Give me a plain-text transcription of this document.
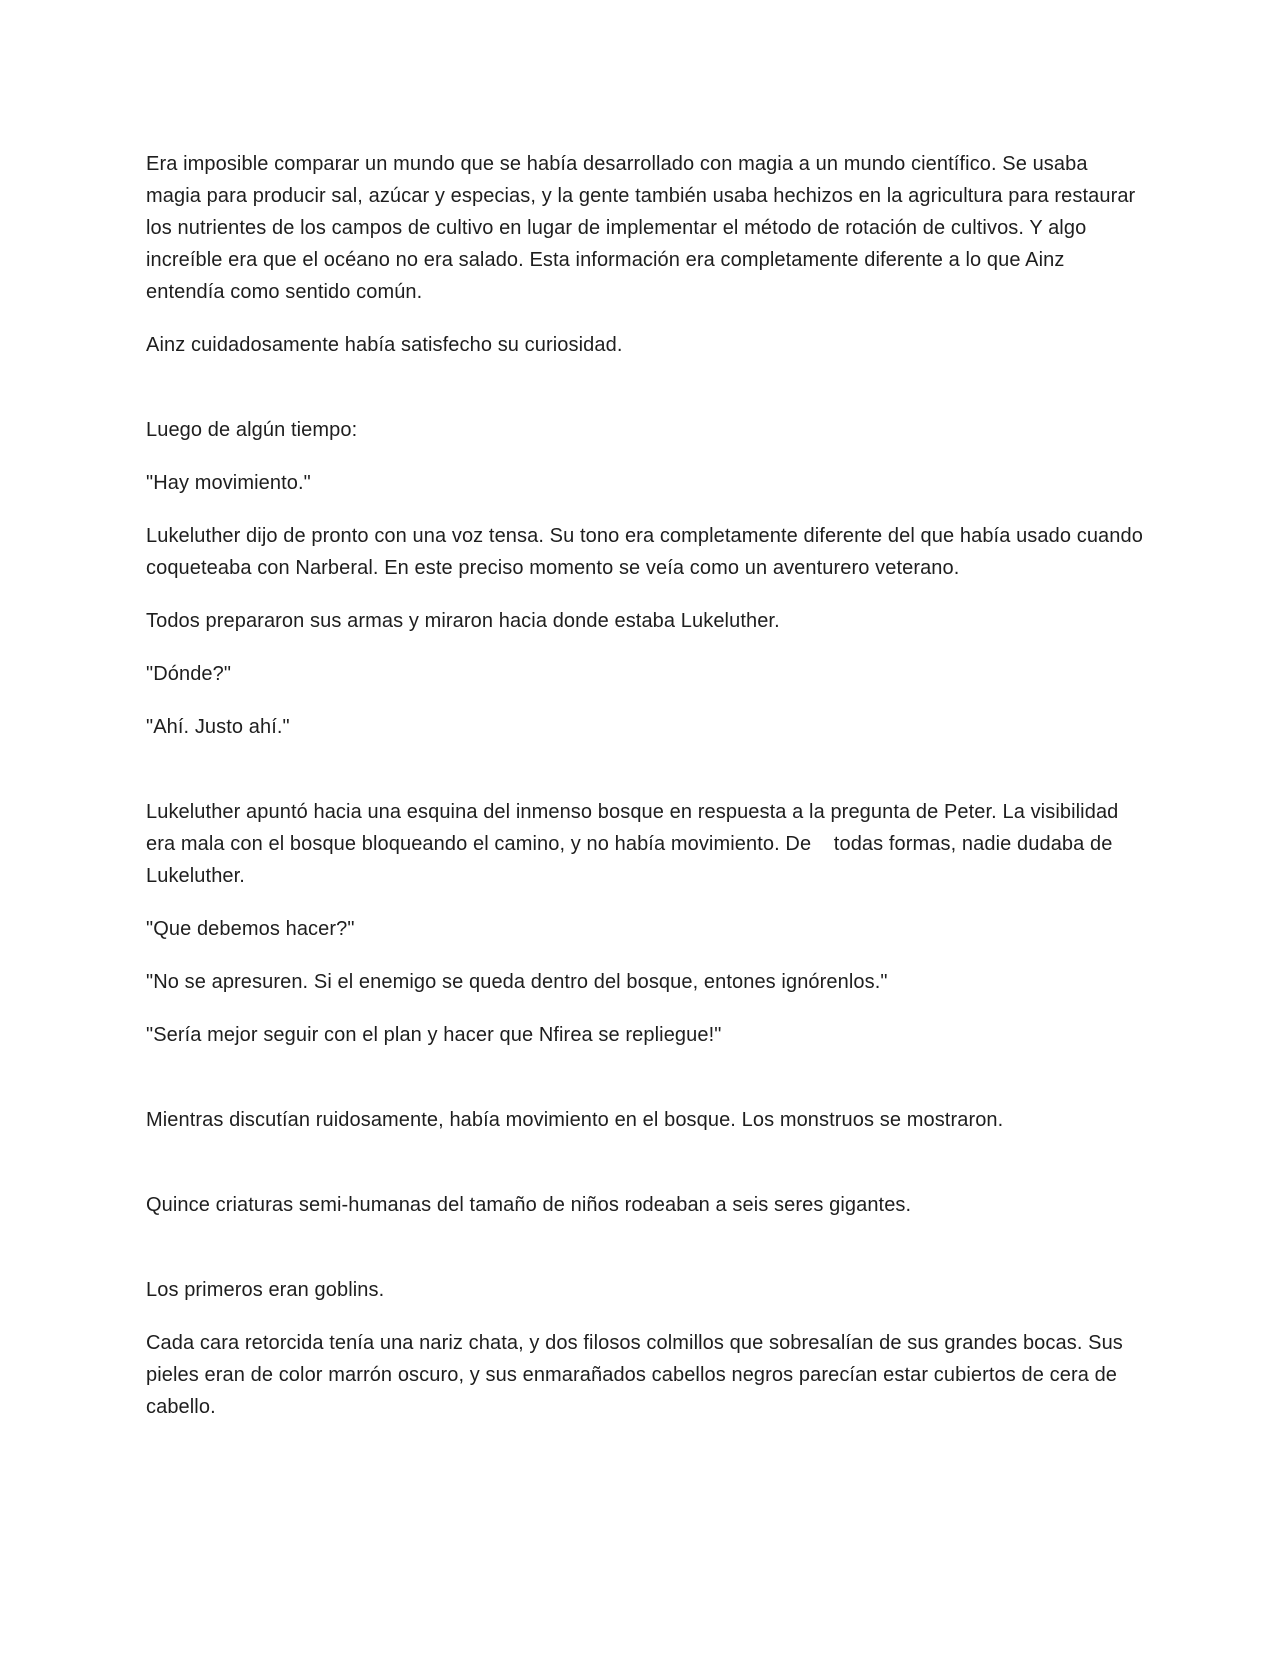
Era imposible comparar un mundo que se había desarrollado con magia a un mundo científico. Se usaba magia para producir sal, azúcar y especias, y la gente también usaba hechizos en la agricultura para restaurar los nutrientes de los campos de cultivo en lugar de implementar el método de rotación de cultivos. Y algo increíble era que el océano no era salado. Esta información era completamente diferente a lo que Ainz entendía como sentido común.

Ainz cuidadosamente había satisfecho su curiosidad.

Luego de algún tiempo:

"Hay movimiento."

Lukeluther dijo de pronto con una voz tensa. Su tono era completamente diferente del que había usado cuando coqueteaba con Narberal. En este preciso momento se veía como un aventurero veterano.

Todos prepararon sus armas y miraron hacia donde estaba Lukeluther.

"Dónde?"

"Ahí. Justo ahí."

Lukeluther apuntó hacia una esquina del inmenso bosque en respuesta a la pregunta de Peter. La visibilidad era mala con el bosque bloqueando el camino, y no había movimiento. De    todas formas, nadie dudaba de Lukeluther.

"Que debemos hacer?"

"No se apresuren. Si el enemigo se queda dentro del bosque, entones ignórenlos."

"Sería mejor seguir con el plan y hacer que Nfirea se repliegue!"

Mientras discutían ruidosamente, había movimiento en el bosque. Los monstruos se mostraron.

Quince criaturas semi-humanas del tamaño de niños rodeaban a seis seres gigantes.

Los primeros eran goblins.

Cada cara retorcida tenía una nariz chata, y dos filosos colmillos que sobresalían de sus grandes bocas. Sus pieles eran de color marrón oscuro, y sus enmarañados cabellos negros parecían estar cubiertos de cera de cabello.
